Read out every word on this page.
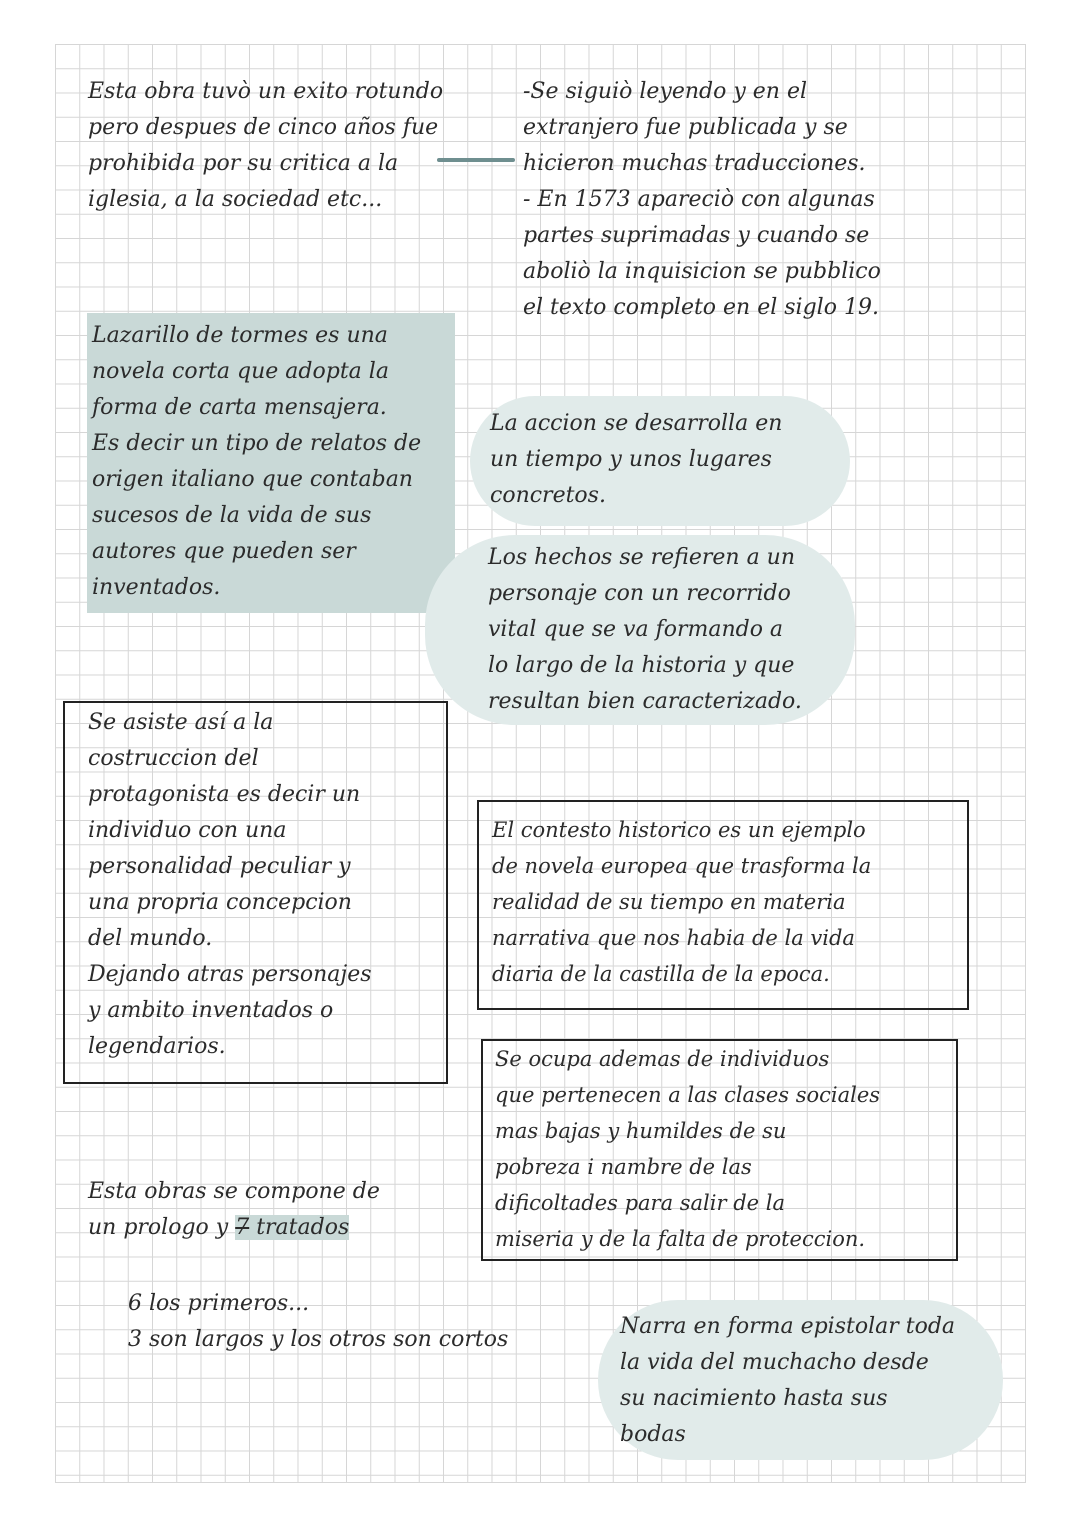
Esta obra tuvò un exito rotundo
pero despues de cinco años fue
prohibida por su critica a la
iglesia, a la sociedad etc...
-Se siguiò leyendo y en el
extranjero fue publicada y se
hicieron muchas traducciones.
- En 1573 apareciò con algunas
partes suprimadas y cuando se
aboliò la inquisicion se pubblico
el texto completo en el siglo 19.
Lazarillo de tormes es una
novela corta que adopta la
forma de carta mensajera.
Es decir un tipo de relatos de
origen italiano que contaban
sucesos de la vida de sus
autores que pueden ser
inventados.
La accion se desarrolla en
un tiempo y unos lugares
concretos.
Los hechos se refieren a un
personaje con un recorrido
vital que se va formando a
lo largo de la historia y que
resultan bien caracterizado.
Se asiste así a la
costruccion del
protagonista es decir un
individuo con una
personalidad peculiar y
una propria concepcion
del mundo.
Dejando atras personajes
y ambito inventados o
legendarios.
El contesto historico es un ejemplo
de novela europea que trasforma la
realidad de su tiempo en materia
narrativa que nos habia de la vida
diaria de la castilla de la epoca.
Se ocupa ademas de individuos
que pertenecen a las clases sociales
mas bajas y humildes de su
pobreza i nambre de las
dificoltades para salir de la
miseria y de la falta de proteccion.
Esta obras se compone de
un prologo y 7 tratados
6 los primeros...
3 son largos y los otros son cortos
Narra en forma epistolar toda
la vida del muchacho desde
su nacimiento hasta sus
bodas
